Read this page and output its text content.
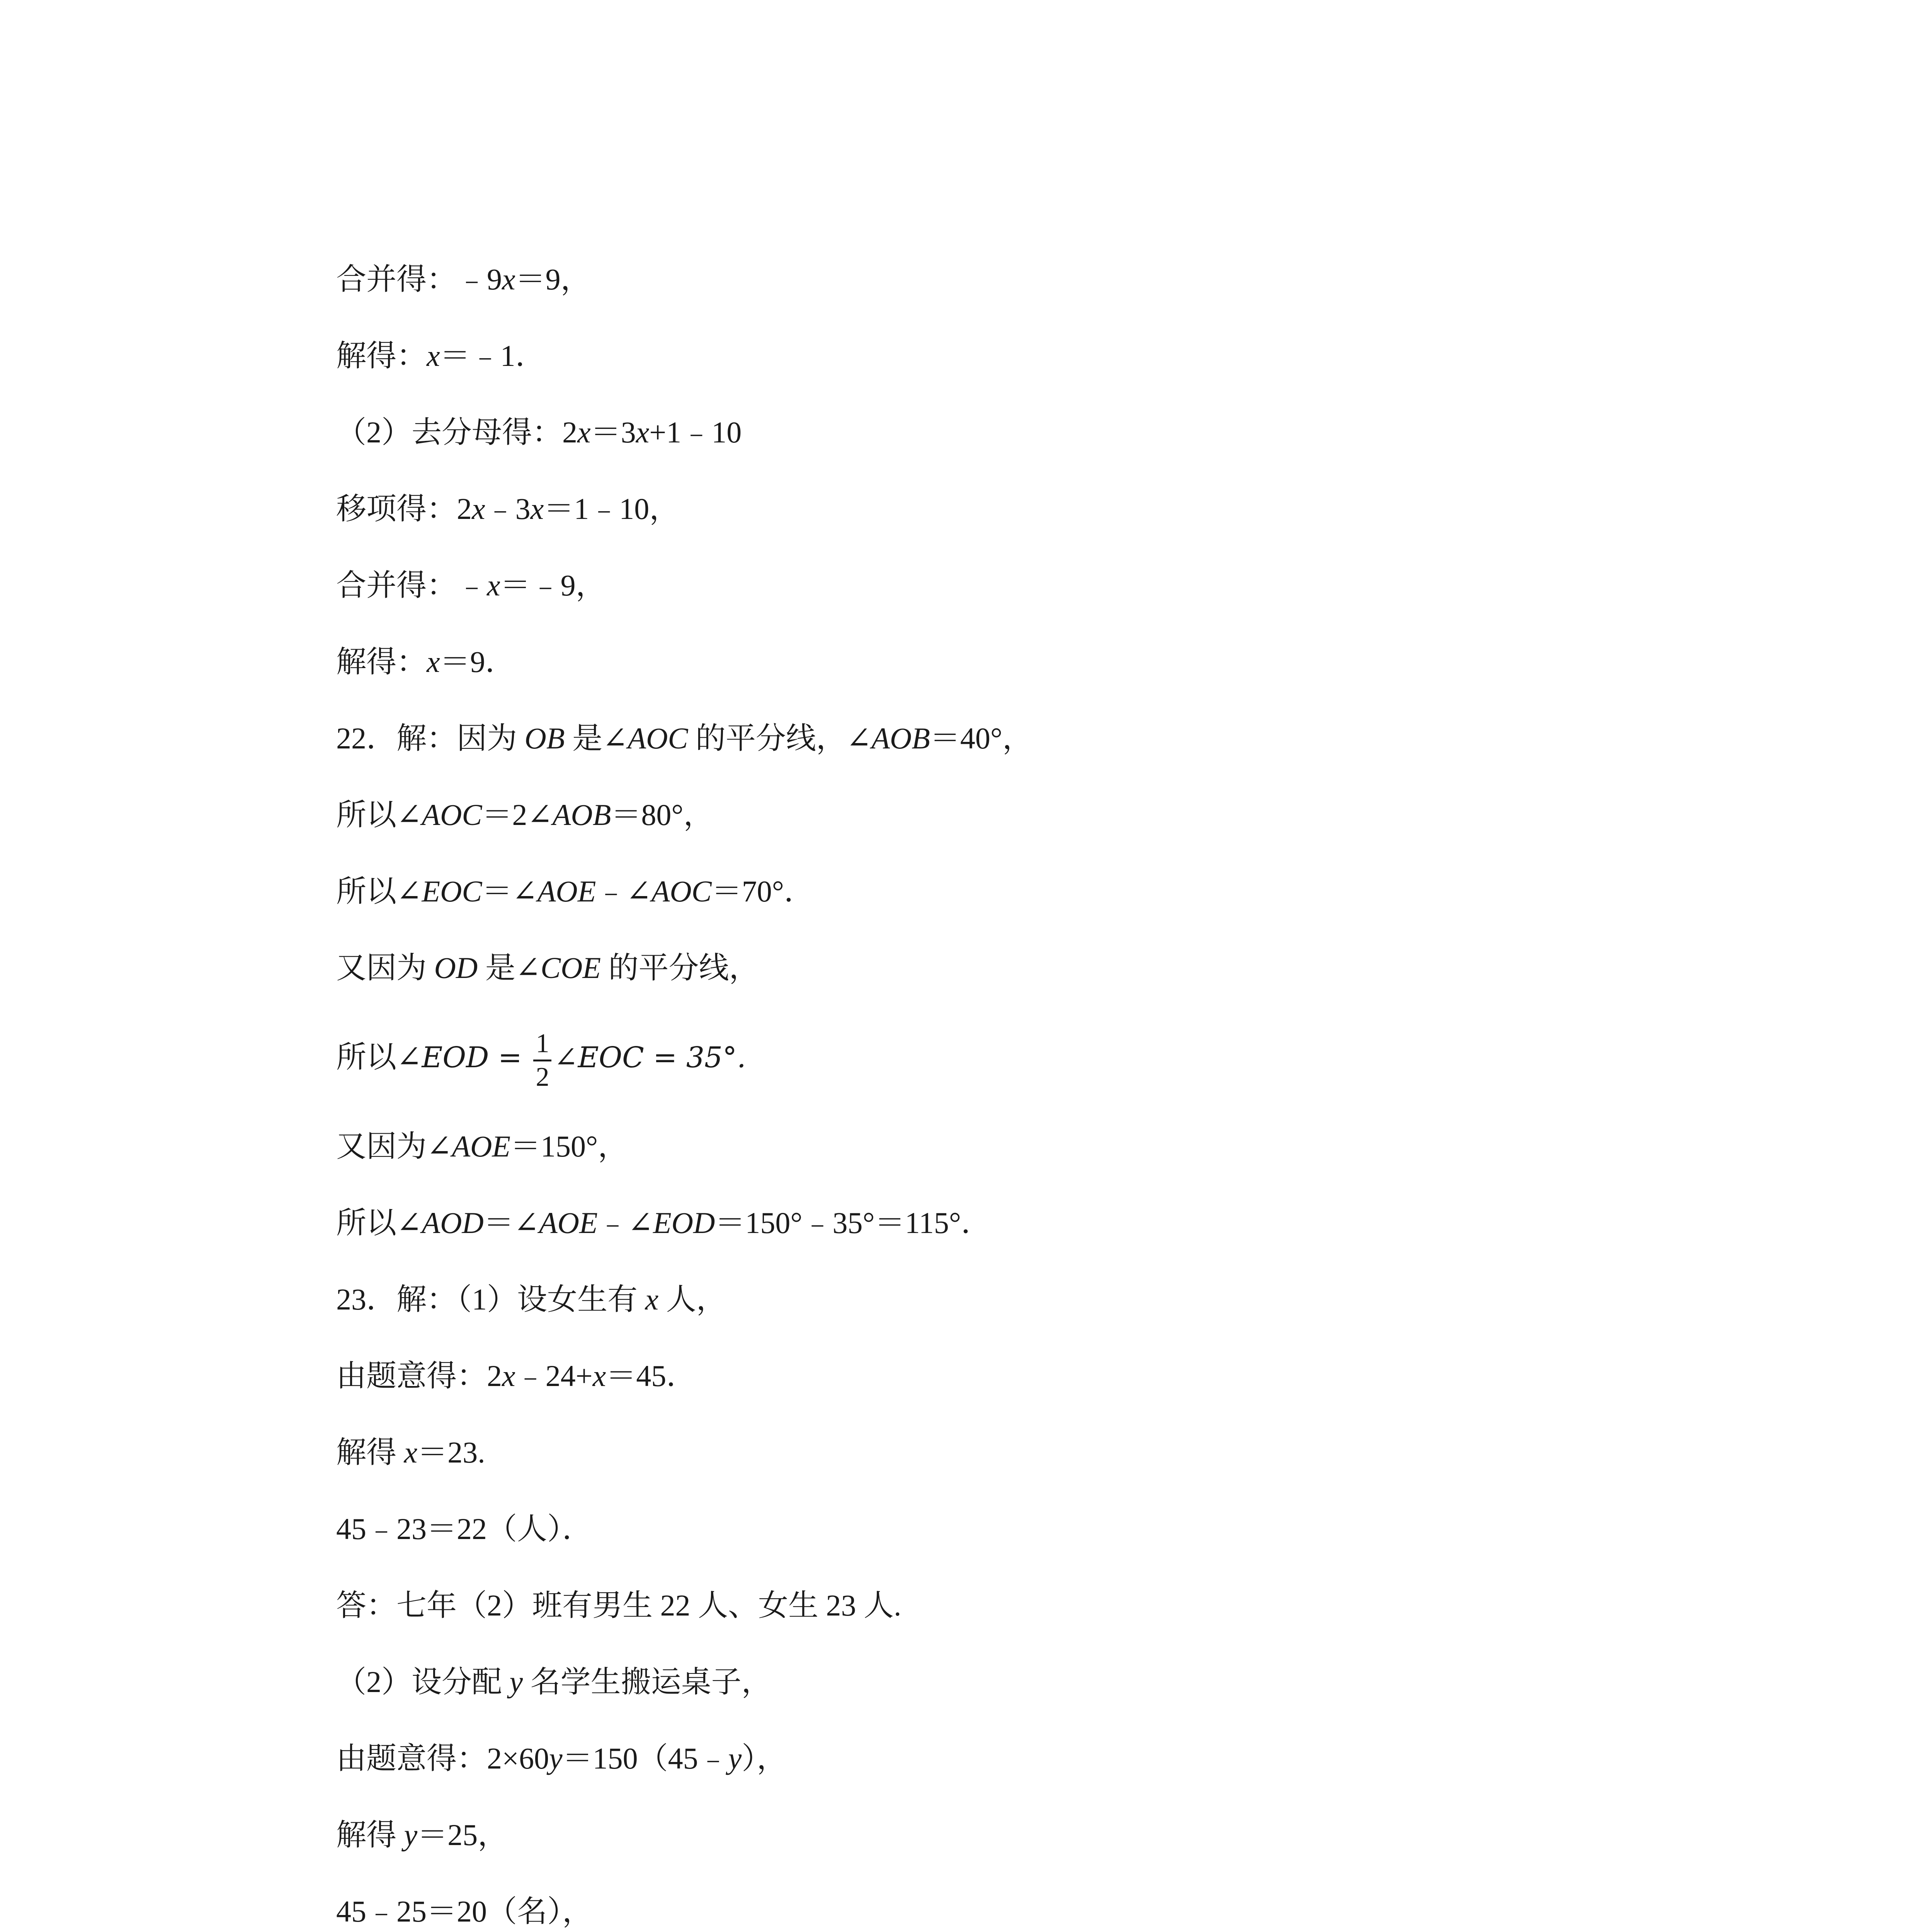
合并得：﹣9x＝9，
解得：x＝﹣1．
（2）去分母得：2x＝3x+1﹣10
移项得：2x﹣3x＝1﹣10，
合并得：﹣x＝﹣9，
解得：x＝9．
22．解：因为 OB 是∠AOC 的平分线，∠AOB＝40°，
所以∠AOC＝2∠AOB＝80°，
所以∠EOC＝∠AOE﹣∠AOC＝70°．
又因为 OD 是∠COE 的平分线，
所以∠EOD = $\frac{1}{2}$ ∠EOC = 35°.
又因为∠AOE＝150°，
所以∠AOD＝∠AOE﹣∠EOD＝150°﹣35°＝115°．
23．解：（1）设女生有 x 人，
由题意得：2x﹣24+x＝45．
解得 x＝23.
45﹣23＝22（人）．
答：七年（2）班有男生 22 人、女生 23 人.
（2）设分配 y 名学生搬运桌子，
由题意得：2×60y＝150（45﹣y），
解得 y＝25，
45﹣25＝20（名），
